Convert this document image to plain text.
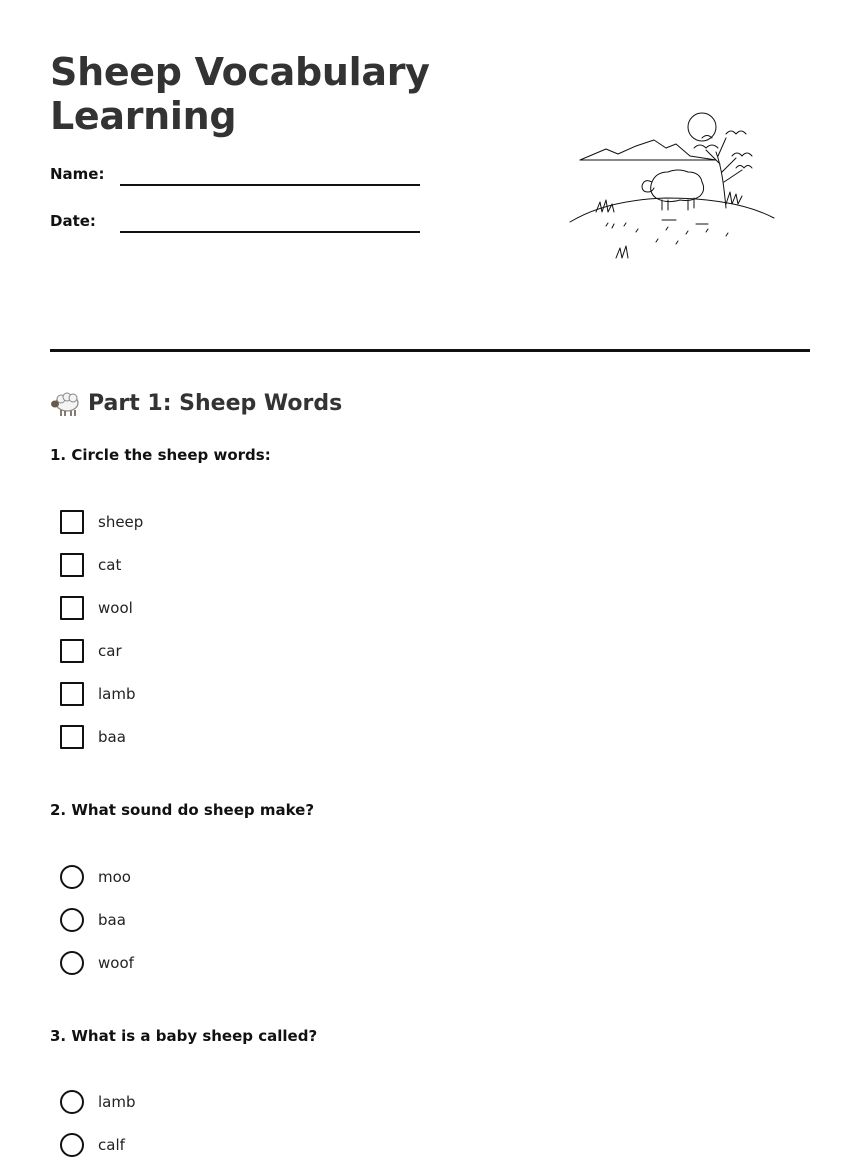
Sheep Vocabulary Learning
Name:
Date:
Part 1: Sheep Words
1. Circle the sheep words:
sheep
cat
wool
car
lamb
baa
2. What sound do sheep make?
moo
baa
woof
3. What is a baby sheep called?
lamb
calf
